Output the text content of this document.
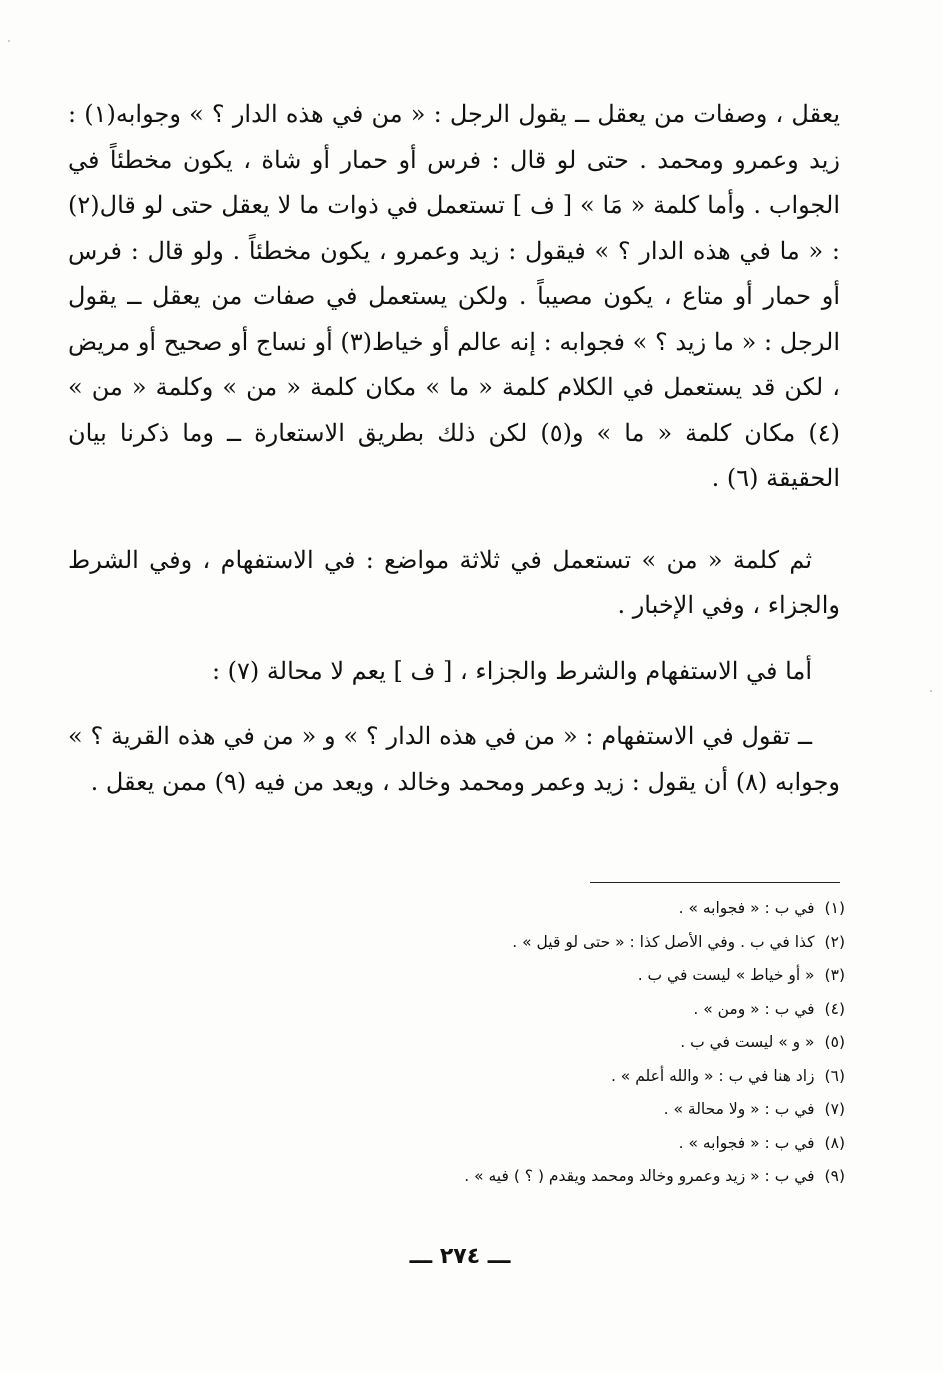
يعقل ، وصفات من يعقل ــ يقول الرجل : « من في هذه الدار ؟ » وجوابه(١) : زيد وعمرو ومحمد . حتى لو قال : فرس أو حمار أو شاة ، يكون مخطئاً في الجواب . وأما كلمة « مَا » [ ف ] تستعمل في ذوات ما لا يعقل حتى لو قال(٢) : « ما في هذه الدار ؟ » فيقول : زيد وعمرو ، يكون مخطئاً . ولو قال : فرس أو حمار أو متاع ، يكون مصيباً . ولكن يستعمل في صفات من يعقل ــ يقول الرجل : « ما زيد ؟ » فجوابه : إنه عالم أو خياط(٣) أو نساج أو صحيح أو مريض ، لكن قد يستعمل في الكلام كلمة « ما » مكان كلمة « من » وكلمة « من » (٤) مكان كلمة « ما » و(٥) لكن ذلك بطريق الاستعارة ــ وما ذكرنا بيان الحقيقة (٦) .

ثم كلمة « من » تستعمل في ثلاثة مواضع : في الاستفهام ، وفي الشرط والجزاء ، وفي الإخبار .

أما في الاستفهام والشرط والجزاء ، [ ف ] يعم لا محالة (٧) :

ــ تقول في الاستفهام : « من في هذه الدار ؟ » و « من في هذه القرية ؟ » وجوابه (٨) أن يقول : زيد وعمر ومحمد وخالد ، ويعد من فيه (٩) ممن يعقل .

(١)في ب : « فجوابه » .
(٢)كذا في ب . وفي الأصل كذا : « حتى لو قيل » .
(٣)« أو خياط » ليست في ب .
(٤)في ب : « ومن » .
(٥)« و » ليست في ب .
(٦)زاد هنا في ب : « والله أعلم » .
(٧)في ب : « ولا محالة » .
(٨)في ب : « فجوابه » .
(٩)في ب : « زيد وعمرو وخالد ومحمد ويقدم ( ؟ ) فيه » .
ـــ ٢٧٤ ـــ
